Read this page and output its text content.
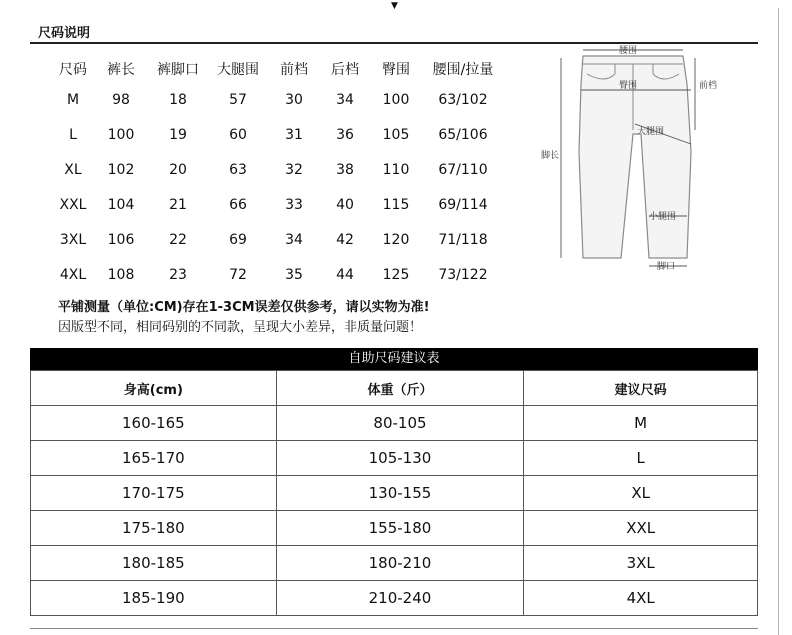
▼
尺码说明
尺码	裤长	裤脚口	大腿围	前档	后档	臀围	腰围/拉量
M	98	18	57	30	34	100	63/102
L	100	19	60	31	36	105	65/106
XL	102	20	63	32	38	110	67/110
XXL	104	21	66	33	40	115	69/114
3XL	106	22	69	34	42	120	71/118
4XL	108	23	72	35	44	125	73/122
腰围
臀围	前档
大腿围
脚长
小腿围
脚口
平铺测量（单位:CM)存在1-3CM误差仅供参考，请以实物为准!
因版型不同，相同码别的不同款，呈现大小差异，非质量问题！
自助尺码建议表
身高(cm)	体重（斤）	建议尺码
160-165	80-105	M
165-170	105-130	L
170-175	130-155	XL
175-180	155-180	XXL
180-185	180-210	3XL
185-190	210-240	4XL
